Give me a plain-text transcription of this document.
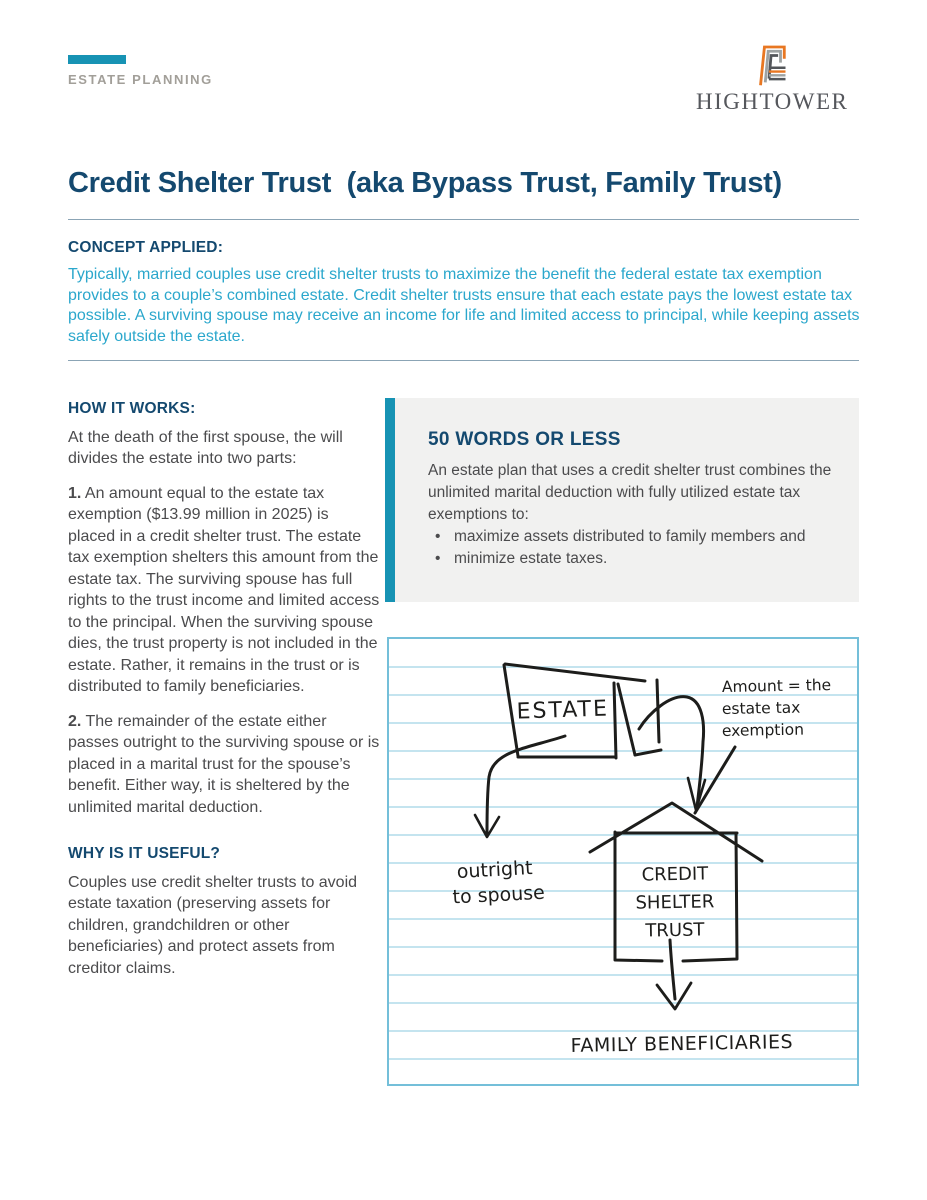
ESTATE PLANNING
HIGHTOWER
Credit Shelter Trust  (aka Bypass Trust, Family Trust)
CONCEPT APPLIED:

Typically, married couples use credit shelter trusts to maximize the benefit the federal estate tax exemption provides to a couple’s combined estate. Credit shelter trusts ensure that each estate pays the lowest estate tax possible. A surviving spouse may receive an income for life and limited access to principal, while keeping assets safely outside the estate.

HOW IT WORKS:

At the death of the first spouse, the will divides the estate into two parts:

1. An amount equal to the estate tax exemption ($13.99 million in 2025) is placed in a credit shelter trust. The estate tax exemption shelters this amount from the estate tax. The surviving spouse has full rights to the trust income and limited access to the principal. When the surviving spouse dies, the trust property is not included in the estate. Rather, it remains in the trust or is distributed to family beneficiaries.

2. The remainder of the estate either passes outright to the surviving spouse or is placed in a marital trust for the spouse’s benefit. Either way, it is sheltered by the unlimited marital deduction.

WHY IS IT USEFUL?

Couples use credit shelter trusts to avoid estate taxation (preserving assets for children, grandchildren or other beneficiaries) and protect assets from creditor claims.

50 WORDS OR LESS

An estate plan that uses a credit shelter trust combines the unlimited marital deduction with fully utilized estate tax exemptions to:

• maximize assets distributed to family members and
• minimize estate taxes.
ESTATE
Amount = the
estate tax
exemption
outright
to spouse
CREDIT
SHELTER
TRUST
FAMILY BENEFICIARIES
